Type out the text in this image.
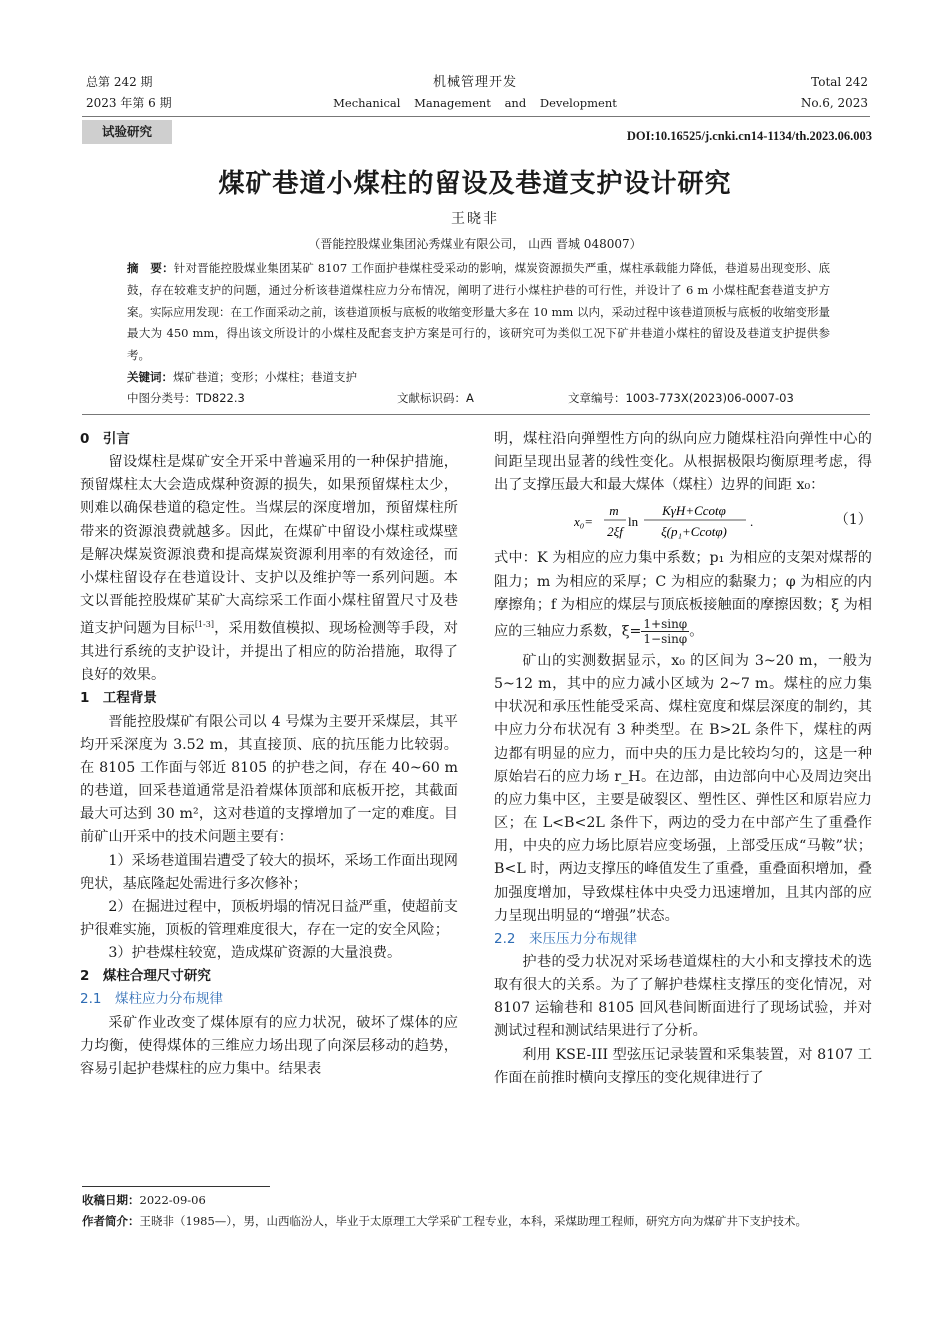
总第 242 期
2023 年第 6 期
机械管理开发
Mechanical Management and Development
Total 242
No.6, 2023
试验研究	DOI:10.16525/j.cnki.cn14-1134/th.2023.06.003
煤矿巷道小煤柱的留设及巷道支护设计研究
王晓非
（晋能控股煤业集团沁秀煤业有限公司， 山西 晋城 048007）

摘　要：针对晋能控股煤业集团某矿 8107 工作面护巷煤柱受采动的影响，煤炭资源损失严重，煤柱承载能力降低，巷道易出现变形、底鼓，存在较难支护的问题，通过分析该巷道煤柱应力分布情况，阐明了进行小煤柱护巷的可行性，并设计了 6 m 小煤柱配套巷道支护方案。实际应用发现：在工作面采动之前，该巷道顶板与底板的收缩变形量大多在 10 mm 以内，采动过程中该巷道顶板与底板的收缩变形量最大为 450 mm，得出该文所设计的小煤柱及配套支护方案是可行的，该研究可为类似工况下矿井巷道小煤柱的留设及巷道支护提供参考。

关键词：煤矿巷道；变形；小煤柱；巷道支护
中图分类号：TD822.3	文献标识码：A	文章编号：1003-773X(2023)06-0007-03

0　引言

留设煤柱是煤矿安全开采中普遍采用的一种保护措施，预留煤柱太大会造成煤种资源的损失，如果预留煤柱太少，则难以确保巷道的稳定性。当煤层的深度增加，预留煤柱所带来的资源浪费就越多。因此，在煤矿中留设小煤柱或煤壁是解决煤炭资源浪费和提高煤炭资源利用率的有效途径，而小煤柱留设存在巷道设计、支护以及维护等一系列问题。本文以晋能控股煤矿某矿大高综采工作面小煤柱留置尺寸及巷道支护问题为目标[1-3]，采用数值模拟、现场检测等手段，对其进行系统的支护设计，并提出了相应的防治措施，取得了良好的效果。

1　工程背景

晋能控股煤矿有限公司以 4 号煤为主要开采煤层，其平均开采深度为 3.52 m，其直接顶、底的抗压能力比较弱。在 8105 工作面与邻近 8105 的护巷之间，存在 40~60 m 的巷道，回采巷道通常是沿着煤体顶部和底板开挖，其截面最大可达到 30 m²，这对巷道的支撑增加了一定的难度。目前矿山开采中的技术问题主要有：

1）采场巷道围岩遭受了较大的损坏，采场工作面出现网兜状，基底隆起处需进行多次修补；

2）在掘进过程中，顶板坍塌的情况日益严重，使超前支护很难实施，顶板的管理难度很大，存在一定的安全风险；

3）护巷煤柱较宽，造成煤矿资源的大量浪费。

2　煤柱合理尺寸研究

2.1　煤柱应力分布规律

采矿作业改变了煤体原有的应力状况，破坏了煤体的应力均衡，使得煤体的三维应力场出现了向深层移动的趋势，容易引起护巷煤柱的应力集中。结果表

明，煤柱沿向弹塑性方向的纵向应力随煤柱沿向弹性中心的间距呈现出显著的线性变化。从根据极限均衡原理考虑，得出了支撑压最大和最大煤体（煤柱）边界的间距 x₀：

x₀=
m
2ξf
ln
KγH+Ccotφ
ξ(p₁+Ccotφ)
.	（1）

式中：K 为相应的应力集中系数；p₁ 为相应的支架对煤帮的阻力；m 为相应的采厚；C 为相应的黏聚力；φ 为相应的内摩擦角；f 为相应的煤层与顶底板接触面的摩擦因数；ξ 为相应的三轴应力系数，$\xi= \frac{1+\sin\varphi}{1-\sin\varphi}$ 。

矿山的实测数据显示，x₀ 的区间为 3~20 m，一般为 5~12 m，其中的应力减小区域为 2~7 m。煤柱的应力集中状况和承压性能受采高、煤柱宽度和煤层深度的制约，其中应力分布状况有 3 种类型。在 B>2L 条件下，煤柱的两边都有明显的应力，而中央的压力是比较均匀的，这是一种原始岩石的应力场 r_H。在边部，由边部向中心及周边突出的应力集中区，主要是破裂区、塑性区、弹性区和原岩应力区；在 L<B<2L 条件下，两边的受力在中部产生了重叠作用，中央的应力场比原岩应变场强，上部受压成“马鞍”状；B<L 时，两边支撑压的峰值发生了重叠，重叠面积增加，叠加强度增加，导致煤柱体中央受力迅速增加，且其内部的应力呈现出明显的“增强”状态。

2.2　来压压力分布规律

护巷的受力状况对采场巷道煤柱的大小和支撑技术的选取有很大的关系。为了了解护巷煤柱支撑压的变化情况，对 8107 运输巷和 8105 回风巷间断面进行了现场试验，并对测试过程和测试结果进行了分析。

利用 KSE-III 型弦压记录装置和采集装置，对 8107 工作面在前推时横向支撑压的变化规律进行了

收稿日期：2022-09-06
作者简介：王晓非（1985—），男，山西临汾人，毕业于太原理工大学采矿工程专业，本科，采煤助理工程师，研究方向为煤矿井下支护技术。
